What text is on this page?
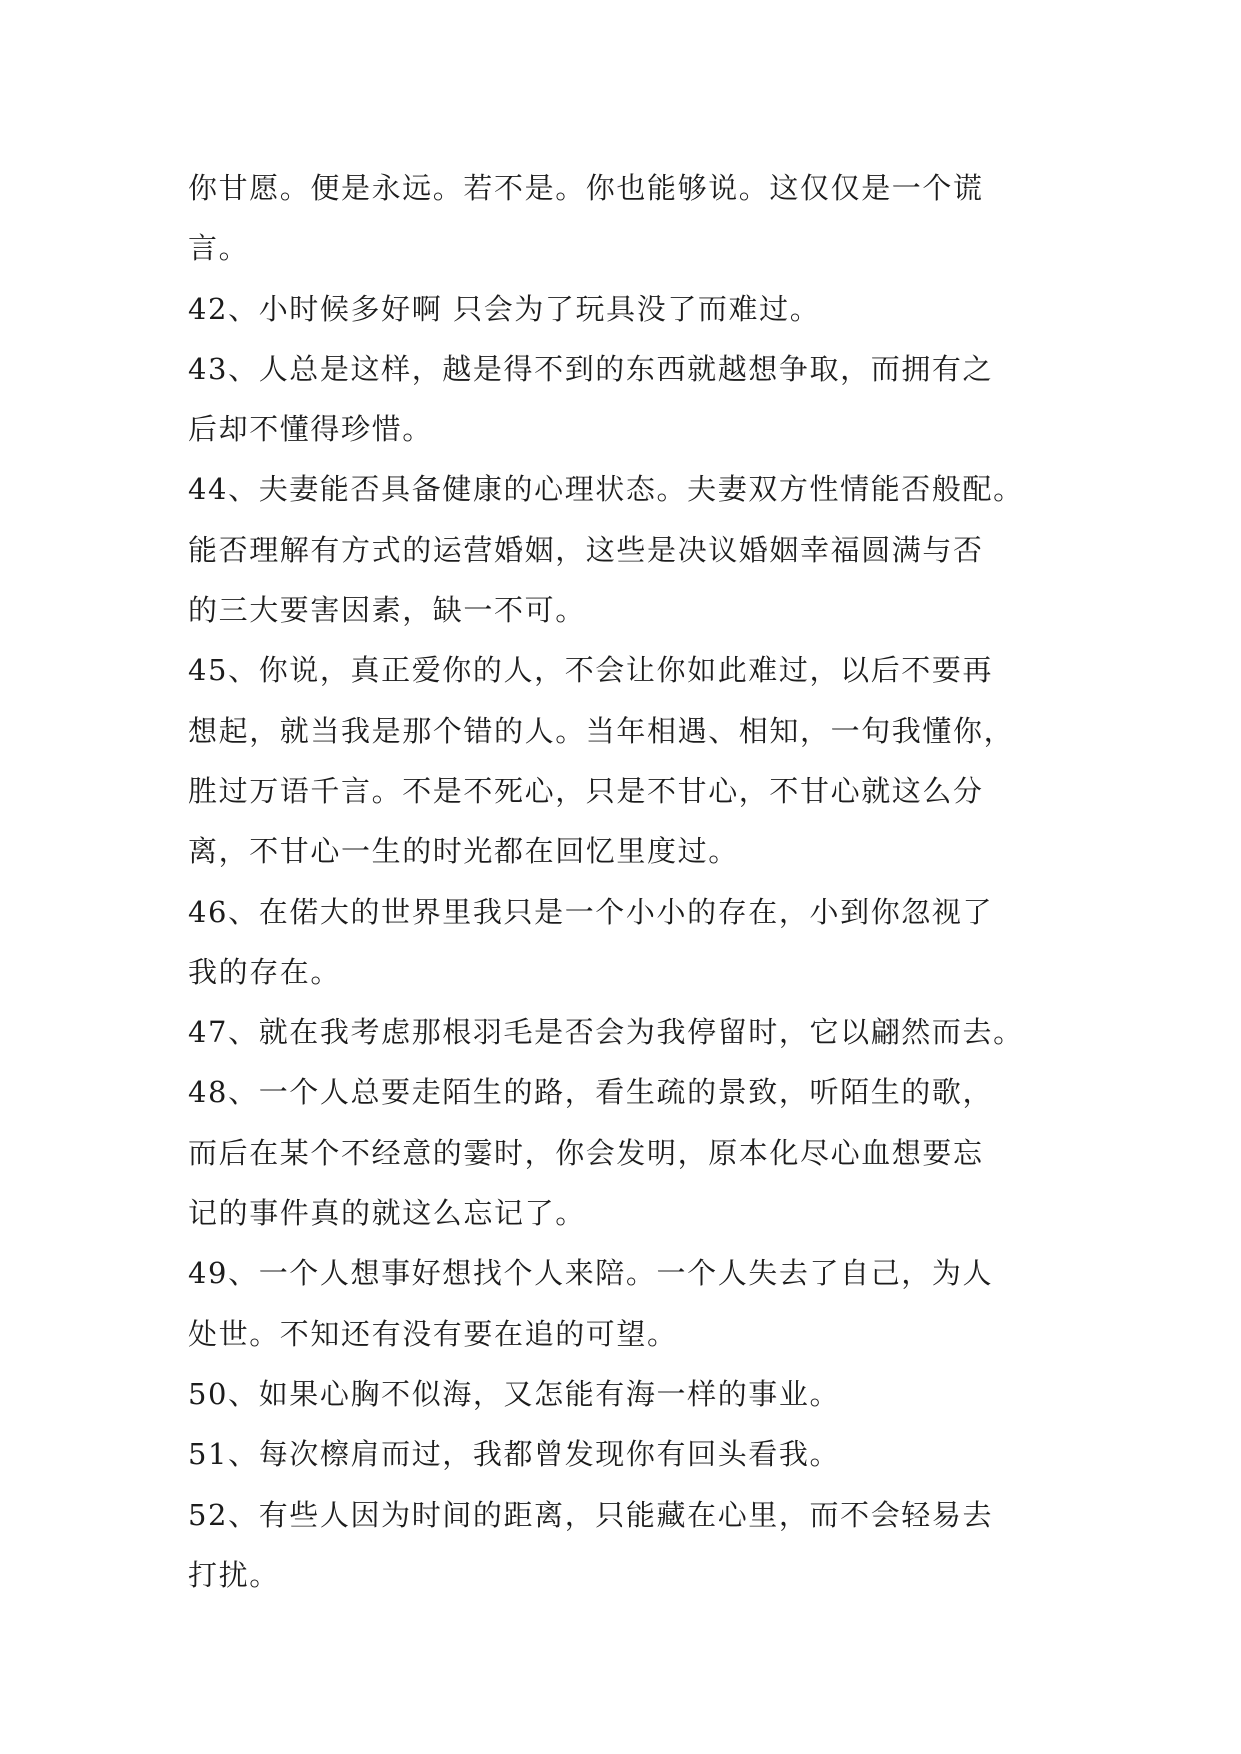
你甘愿。便是永远。若不是。你也能够说。这仅仅是一个谎
言。
42、小时候多好啊 只会为了玩具没了而难过。
43、人总是这样，越是得不到的东西就越想争取，而拥有之
后却不懂得珍惜。
44、夫妻能否具备健康的心理状态。夫妻双方性情能否般配。
能否理解有方式的运营婚姻，这些是决议婚姻幸福圆满与否
的三大要害因素，缺一不可。
45、你说，真正爱你的人，不会让你如此难过，以后不要再
想起，就当我是那个错的人。当年相遇、相知，一句我懂你，
胜过万语千言。不是不死心，只是不甘心，不甘心就这么分
离，不甘心一生的时光都在回忆里度过。
46、在偌大的世界里我只是一个小小的存在，小到你忽视了
我的存在。
47、就在我考虑那根羽毛是否会为我停留时，它以翩然而去。
48、一个人总要走陌生的路，看生疏的景致，听陌生的歌，
而后在某个不经意的霎时，你会发明，原本化尽心血想要忘
记的事件真的就这么忘记了。
49、一个人想事好想找个人来陪。一个人失去了自己，为人
处世。不知还有没有要在追的可望。
50、如果心胸不似海，又怎能有海一样的事业。
51、每次檫肩而过，我都曾发现你有回头看我。
52、有些人因为时间的距离，只能藏在心里，而不会轻易去
打扰。
